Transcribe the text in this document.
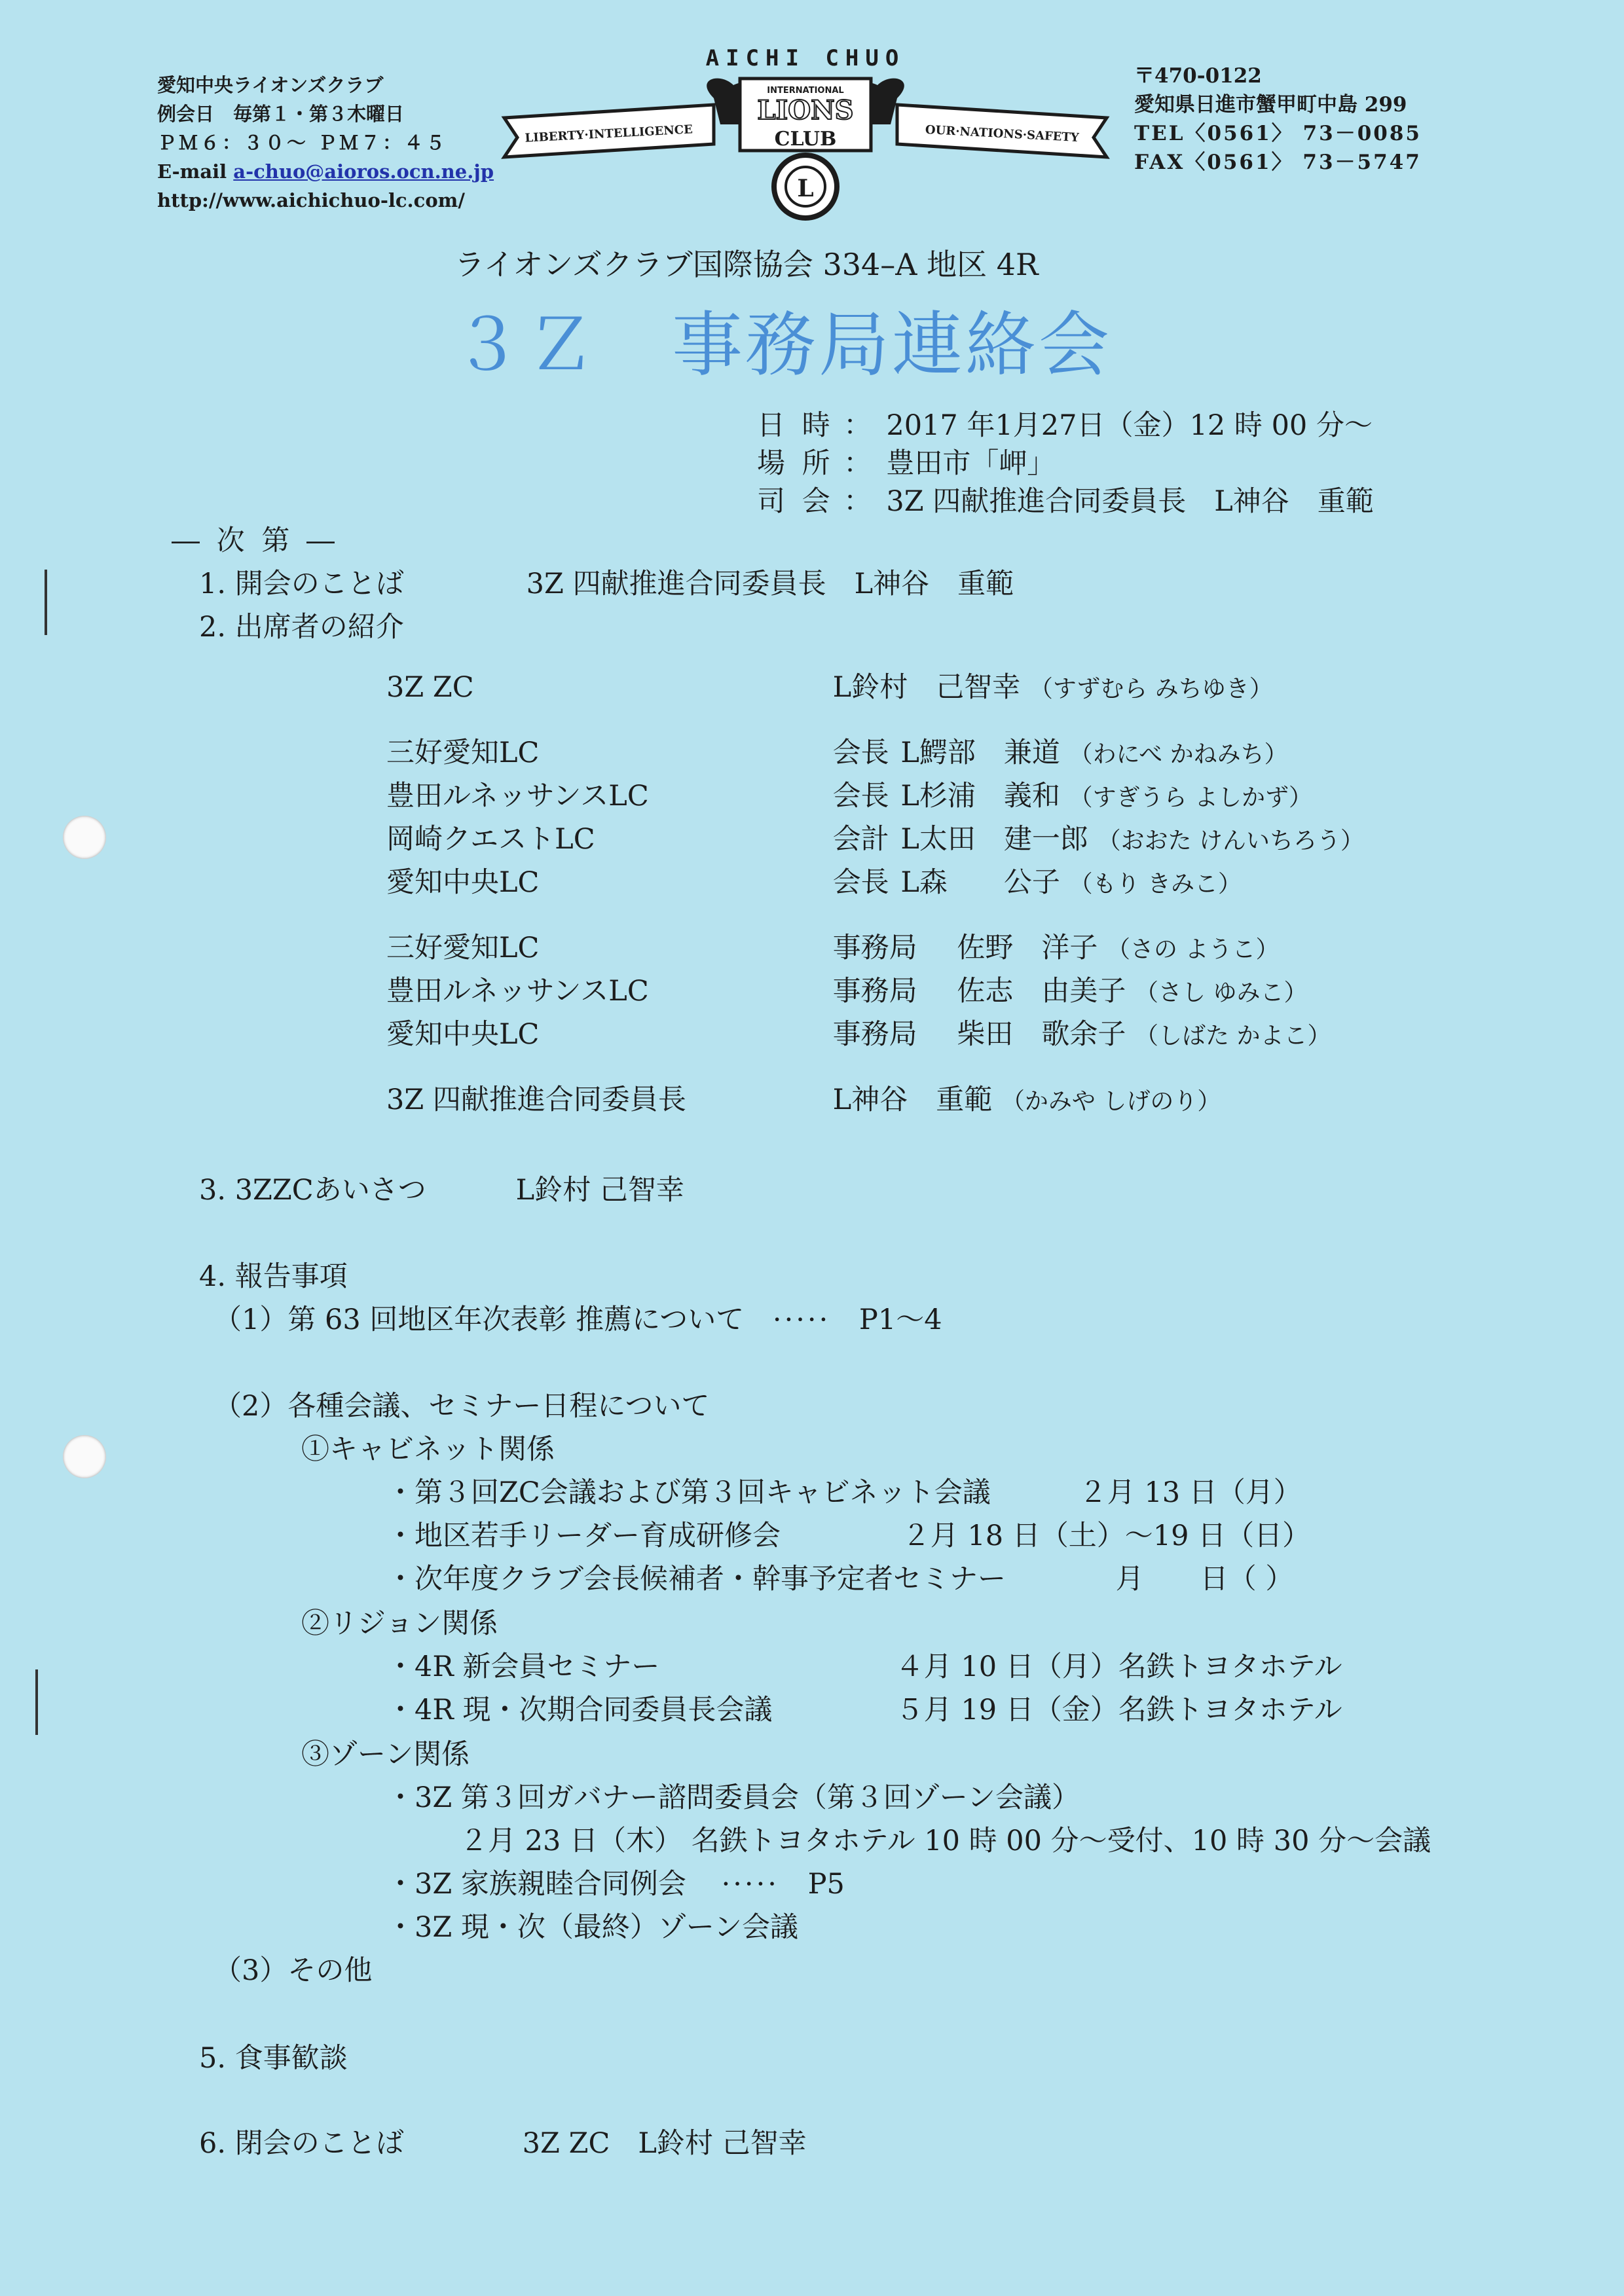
愛知中央ライオンズクラブ
例会日　毎第１・第３木曜日
ＰＭ６：３０～ ＰＭ７：４５
E-mail a-chuo@aioros.ocn.ne.jp
http://www.aichichuo-lc.com/
AICHI CHUO
LIBERTY·INTELLIGENCE	OUR·NATIONS·SAFETY
INTERNATIONAL
LIONS
CLUB
L
〒470-0122
愛知県日進市蟹甲町中島 299
TEL〈0561〉 73－0085
FAX〈0561〉 73－5747
ライオンズクラブ国際協会 334–A 地区 4R
３Ｚ　事務局連絡会
日 時 ： 2017 年1月27日（金）12 時 00 分～
場 所 ： 豊田市「岬」
司 会 ： 3Z 四献推進合同委員長　L神谷　重範
― 次 第 ―
1. 開会のことば	3Z 四献推進合同委員長　L神谷　重範
2. 出席者の紹介
3Z ZC	L鈴村　己智幸 （すずむら みちゆき）
三好愛知LC	会長 L鰐部　兼道 （わにべ かねみち）
豊田ルネッサンスLC	会長 L杉浦　義和 （すぎうら よしかず）
岡崎クエストLC	会計 L太田　建一郎 （おおた けんいちろう）
愛知中央LC	会長 L森　　公子 （もり きみこ）
三好愛知LC	事務局 佐野　洋子 （さの ようこ）
豊田ルネッサンスLC	事務局 佐志　由美子 （さし ゆみこ）
愛知中央LC	事務局 柴田　歌余子 （しばた かよこ）
3Z 四献推進合同委員長	L神谷　重範 （かみや しげのり）
3. 3ZZCあいさつ	L鈴村 己智幸
4. 報告事項
（1）第 63 回地区年次表彰 推薦について ····· P1～4
（2）各種会議、セミナー日程について
①キャビネット関係
・第３回ZC会議および第３回キャビネット会議	２月 13 日（月）
・地区若手リーダー育成研修会	２月 18 日（土）～19 日（日）
・次年度クラブ会長候補者・幹事予定者セミナー	月　　日（ ）
②リジョン関係
・4R 新会員セミナー	４月 10 日（月）名鉄トヨタホテル
・4R 現・次期合同委員長会議	５月 19 日（金）名鉄トヨタホテル
③ゾーン関係
・3Z 第３回ガバナー諮問委員会（第３回ゾーン会議）
２月 23 日（木） 名鉄トヨタホテル 10 時 00 分～受付、10 時 30 分～会議
・3Z 家族親睦合同例会 ····· P5
・3Z 現・次（最終）ゾーン会議
（3）その他
5. 食事歓談
6. 閉会のことば	3Z ZC　L鈴村 己智幸
